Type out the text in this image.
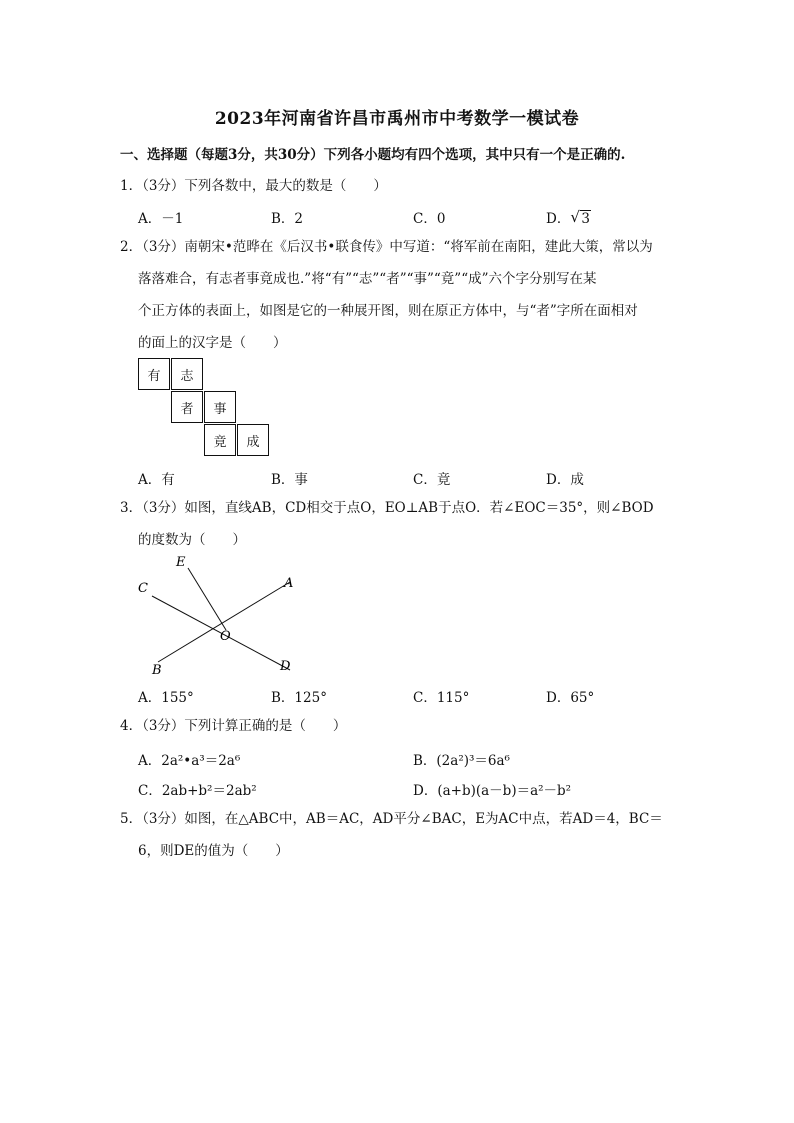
2023年河南省许昌市禹州市中考数学一模试卷
一、选择题（每题3分，共30分）下列各小题均有四个选项，其中只有一个是正确的.
1．（3分）下列各数中，最大的数是（　　）
A．－1	B．2	C．0	D． √ 3
2．（3分）南朝宋•范晔在《后汉书•联食传》中写道：“将军前在南阳，建此大策，常以为
落落难合，有志者事竟成也.”将“有”“志”“者”“事”“竟”“成”六个字分别写在某
个正方体的表面上，如图是它的一种展开图，则在原正方体中，与“者”字所在面相对
的面上的汉字是（　　）
有	志
者	事
竟	成
A．有	B．事	C．竟	D．成
3．（3分）如图，直线AB，CD相交于点O，EO⊥AB于点O．若∠EOC＝35°，则∠BOD
的度数为（　　）
E
C	A
O
B	D
A．155°	B．125°	C．115°	D．65°
4．（3分）下列计算正确的是（　　）
A．2a²•a³＝2a⁶	B．(2a²)³＝6a⁶
C．2ab+b²＝2ab²	D．(a+b)(a－b)＝a²－b²
5．（3分）如图，在△ABC中，AB＝AC，AD平分∠BAC，E为AC中点，若AD＝4，BC＝
6，则DE的值为（　　）
